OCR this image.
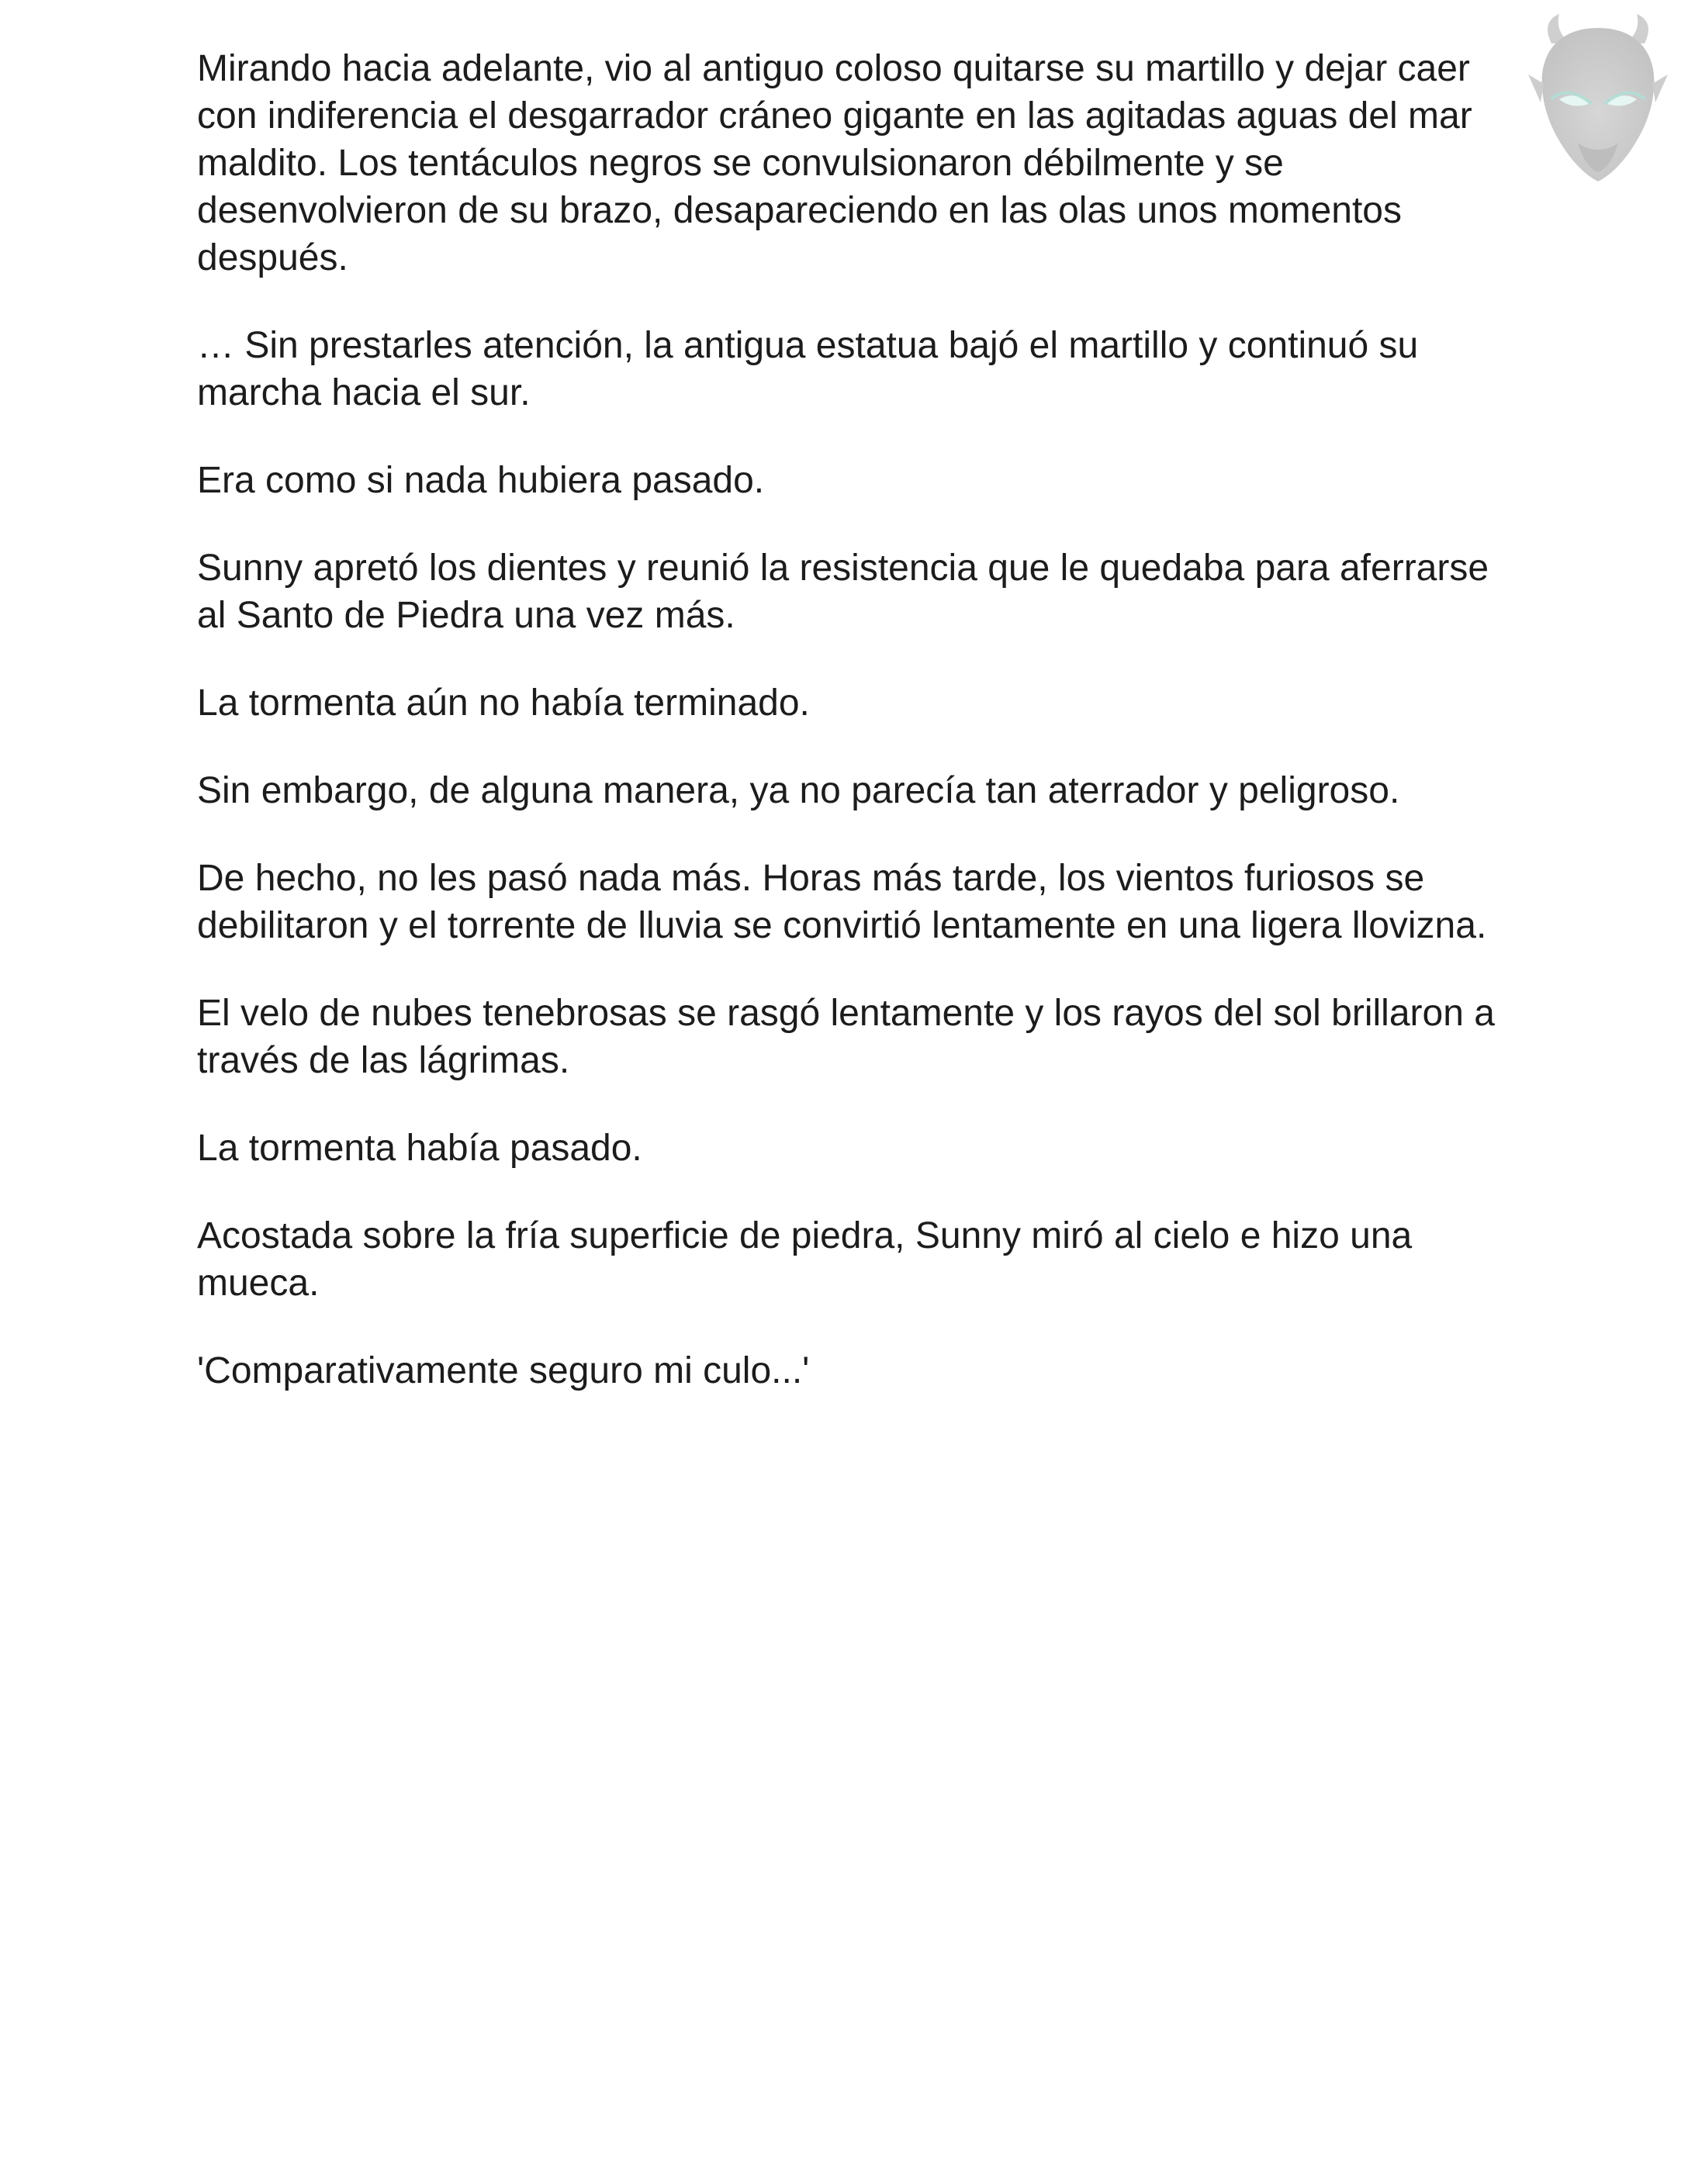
Mirando hacia adelante, vio al antiguo coloso quitarse su martillo y dejar caer con indiferencia el desgarrador cráneo gigante en las agitadas aguas del mar maldito. Los tentáculos negros se convulsionaron débilmente y se desenvolvieron de su brazo, desapareciendo en las olas unos momentos después.

… Sin prestarles atención, la antigua estatua bajó el martillo y continuó su marcha hacia el sur.

Era como si nada hubiera pasado.

Sunny apretó los dientes y reunió la resistencia que le quedaba para aferrarse al Santo de Piedra una vez más.

La tormenta aún no había terminado.

Sin embargo, de alguna manera, ya no parecía tan aterrador y peligroso.

De hecho, no les pasó nada más. Horas más tarde, los vientos furiosos se debilitaron y el torrente de lluvia se convirtió lentamente en una ligera llovizna.

El velo de nubes tenebrosas se rasgó lentamente y los rayos del sol brillaron a través de las lágrimas.

La tormenta había pasado.

Acostada sobre la fría superficie de piedra, Sunny miró al cielo e hizo una mueca.

'Comparativamente seguro mi culo...'
